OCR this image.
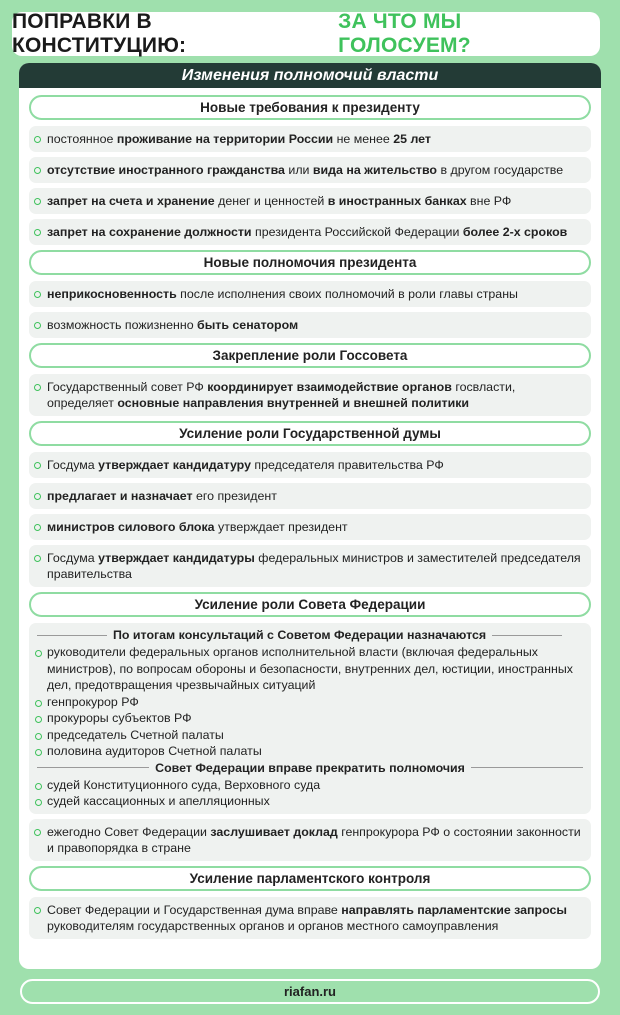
ПОПРАВКИ В КОНСТИТУЦИЮ:
ЗА ЧТО МЫ ГОЛОСУЕМ?
Изменения полномочий власти
Новые требования к президенту
постоянное проживание на территории России не менее 25 лет
отсутствие иностранного гражданства или вида на жительство в другом государстве
запрет на счета и хранение денег и ценностей в иностранных банках вне РФ
запрет на сохранение должности президента Российской Федерации более 2-х сроков
Новые полномочия президента
неприкосновенность после исполнения своих полномочий в роли главы страны
возможность пожизненно быть сенатором
Закрепление роли Госсовета
Государственный совет РФ координирует взаимодействие органов госвласти, определяет основные направления внутренней и внешней политики
Усиление роли Государственной думы
Госдума утверждает кандидатуру председателя правительства РФ
предлагает и назначает его президент
министров силового блока утверждает президент
Госдума утверждает кандидатуры федеральных министров и заместителей председателя правительства
Усиление роли Совета Федерации
По итогам консультаций с Советом Федерации назначаются
руководители федеральных органов исполнительной власти (включая федеральных министров), по вопросам обороны и безопасности, внутренних дел, юстиции, иностранных дел, предотвращения чрезвычайных ситуаций
генпрокурор РФ
прокуроры субъектов РФ
председатель Счетной палаты
половина аудиторов Счетной палаты
Совет Федерации вправе прекратить полномочия
судей Конституционного суда, Верховного суда
судей кассационных и апелляционных
ежегодно Совет Федерации заслушивает доклад генпрокурора РФ о состоянии законности и правопорядка в стране
Усиление парламентского контроля
Совет Федерации и Государственная дума вправе направлять парламентские запросы руководителям государственных органов и органов местного самоуправления
riafan.ru
